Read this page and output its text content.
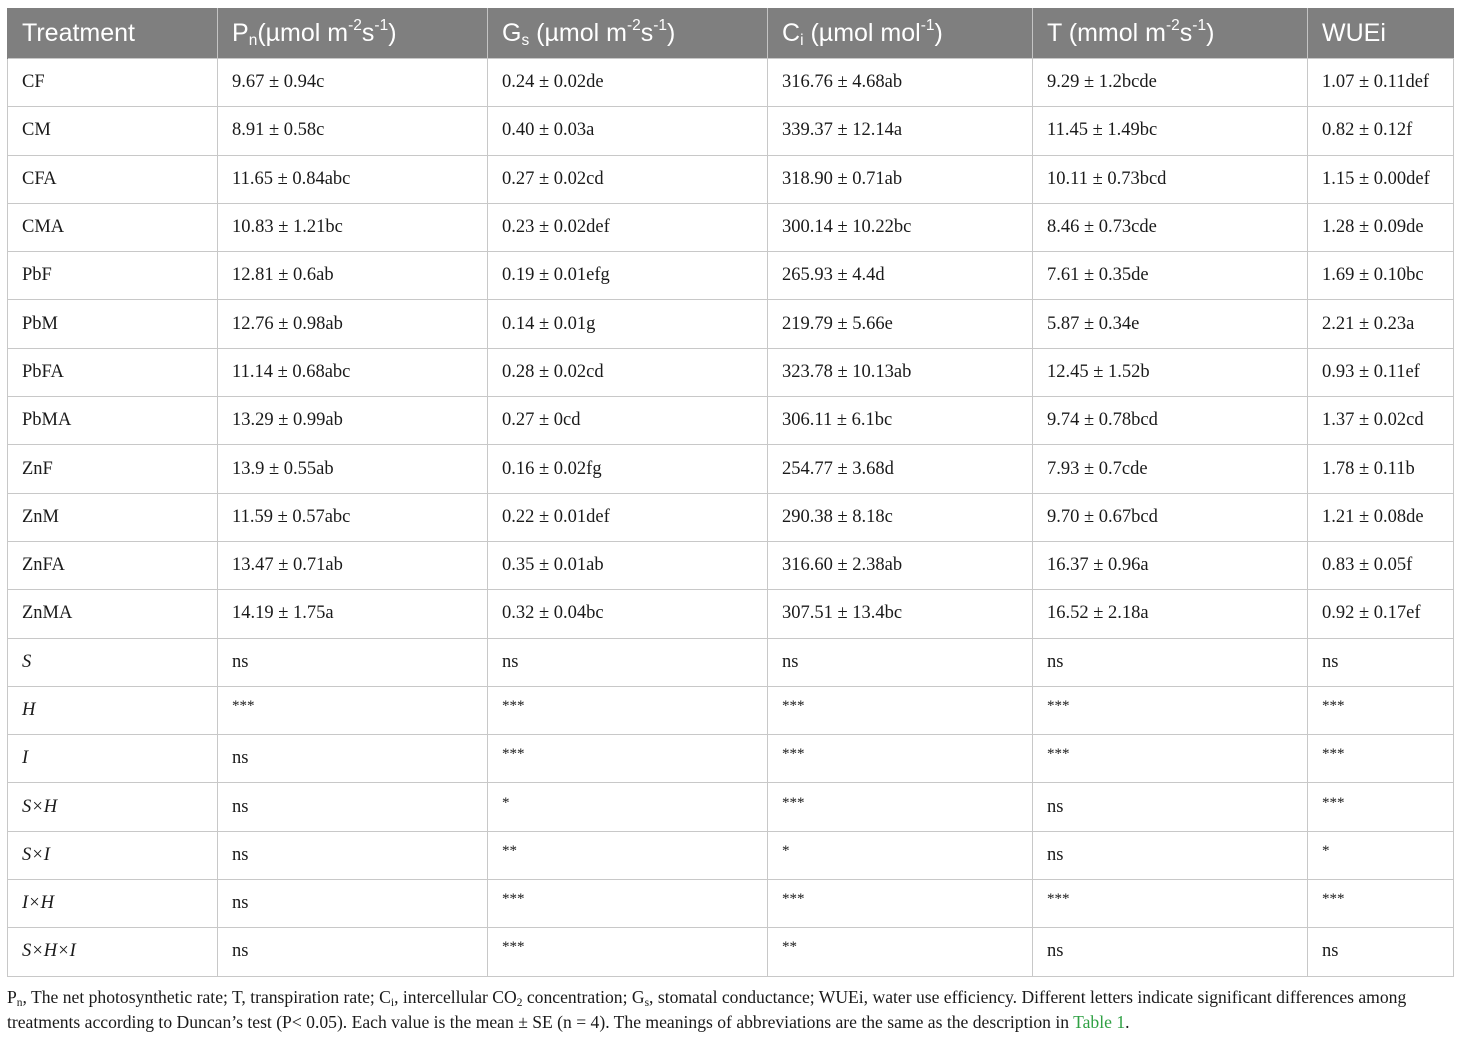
Treatment	$P_n(\mu mol$ $m^{-2}s^{-1}$)	$G_s$ (µmol $m^{-2}s^{-1}$)	$C_i$ (µmol mol$^{-1}$)	T (mmol $m^{-2}s^{-1}$)	WUEi
CF	9.67 ± 0.94c	0.24 ± 0.02de	316.76 ± 4.68ab	9.29 ± 1.2bcde	1.07 ± 0.11def
CM	8.91 ± 0.58c	0.40 ± 0.03a	339.37 ± 12.14a	11.45 ± 1.49bc	0.82 ± 0.12f
CFA	11.65 ± 0.84abc	0.27 ± 0.02cd	318.90 ± 0.71ab	10.11 ± 0.73bcd	1.15 ± 0.00def
CMA	10.83 ± 1.21bc	0.23 ± 0.02def	300.14 ± 10.22bc	8.46 ± 0.73cde	1.28 ± 0.09de
PbF	12.81 ± 0.6ab	0.19 ± 0.01efg	265.93 ± 4.4d	7.61 ± 0.35de	1.69 ± 0.10bc
PbM	12.76 ± 0.98ab	0.14 ± 0.01g	219.79 ± 5.66e	5.87 ± 0.34e	2.21 ± 0.23a
PbFA	11.14 ± 0.68abc	0.28 ± 0.02cd	323.78 ± 10.13ab	12.45 ± 1.52b	0.93 ± 0.11ef
PbMA	13.29 ± 0.99ab	0.27 ± 0cd	306.11 ± 6.1bc	9.74 ± 0.78bcd	1.37 ± 0.02cd
ZnF	13.9 ± 0.55ab	0.16 ± 0.02fg	254.77 ± 3.68d	7.93 ± 0.7cde	1.78 ± 0.11b
ZnM	11.59 ± 0.57abc	0.22 ± 0.01def	290.38 ± 8.18c	9.70 ± 0.67bcd	1.21 ± 0.08de
ZnFA	13.47 ± 0.71ab	0.35 ± 0.01ab	316.60 ± 2.38ab	16.37 ± 0.96a	0.83 ± 0.05f
ZnMA	14.19 ± 1.75a	0.32 ± 0.04bc	307.51 ± 13.4bc	16.52 ± 2.18a	0.92 ± 0.17ef
S	ns	ns	ns	ns	ns
H	***	***	***	***	***
I	ns	***	***	***	***
S×H	ns	*	***	ns	***
S×I	ns	**	*	ns	*
I×H	ns	***	***	***	***
S×H×I	ns	***	**	ns	ns
$P_n$, The net photosynthetic rate; T, transpiration rate; $C_i$, intercellular $CO_2$ concentration; $G_s$, stomatal conductance; WUEi, water use efficiency. Different letters indicate significant differences among treatments according to Duncan’s test (P< 0.05). Each value is the mean ± SE (n = 4). The meanings of abbreviations are the same as the description in Table 1.
